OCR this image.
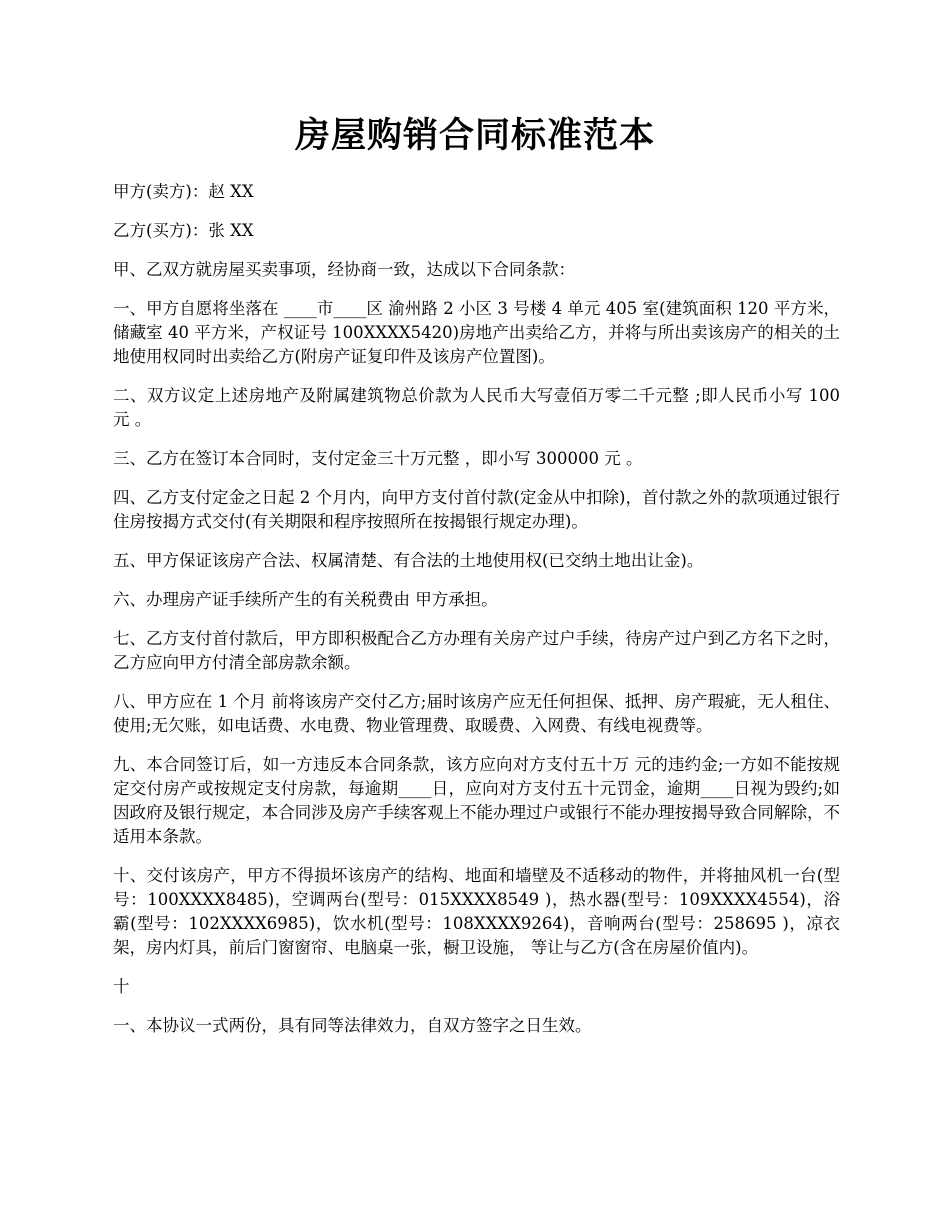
房屋购销合同标准范本

甲方(卖方)：赵 XX

乙方(买方)：张 XX

甲、乙双方就房屋买卖事项，经协商一致，达成以下合同条款：

一、甲方自愿将坐落在 ____市____区 渝州路 2 小区 3 号楼 4 单元 405 室(建筑面积 120 平方米，储藏室 40 平方米，产权证号 100XXXX5420)房地产出卖给乙方，并将与所出卖该房产的相关的土地使用权同时出卖给乙方(附房产证复印件及该房产位置图)。

二、双方议定上述房地产及附属建筑物总价款为人民币大写壹佰万零二千元整 ;即人民币小写 100 元 。

三、乙方在签订本合同时，支付定金三十万元整 ，即小写 300000 元 。

四、乙方支付定金之日起 2 个月内，向甲方支付首付款(定金从中扣除)，首付款之外的款项通过银行住房按揭方式交付(有关期限和程序按照所在按揭银行规定办理)。

五、甲方保证该房产合法、权属清楚、有合法的土地使用权(已交纳土地出让金)。

六、办理房产证手续所产生的有关税费由 甲方承担。

七、乙方支付首付款后，甲方即积极配合乙方办理有关房产过户手续，待房产过户到乙方名下之时，乙方应向甲方付清全部房款余额。

八、甲方应在 1 个月 前将该房产交付乙方;届时该房产应无任何担保、抵押、房产瑕疵，无人租住、使用;无欠账，如电话费、水电费、物业管理费、取暖费、入网费、有线电视费等。

九、本合同签订后，如一方违反本合同条款，该方应向对方支付五十万 元的违约金;一方如不能按规定交付房产或按规定支付房款，每逾期____日，应向对方支付五十元罚金，逾期____日视为毁约;如因政府及银行规定，本合同涉及房产手续客观上不能办理过户或银行不能办理按揭导致合同解除，不适用本条款。

十、交付该房产，甲方不得损坏该房产的结构、地面和墙壁及不适移动的物件，并将抽风机一台(型号：100XXXX8485)，空调两台(型号：015XXXX8549 )，热水器(型号：109XXXX4554)，浴霸(型号：102XXXX6985)，饮水机(型号：108XXXX9264)，音响两台(型号：258695 )，凉衣架，房内灯具，前后门窗窗帘、电脑桌一张，橱卫设施， 等让与乙方(含在房屋价值内)。

十

一、本协议一式两份，具有同等法律效力，自双方签字之日生效。
